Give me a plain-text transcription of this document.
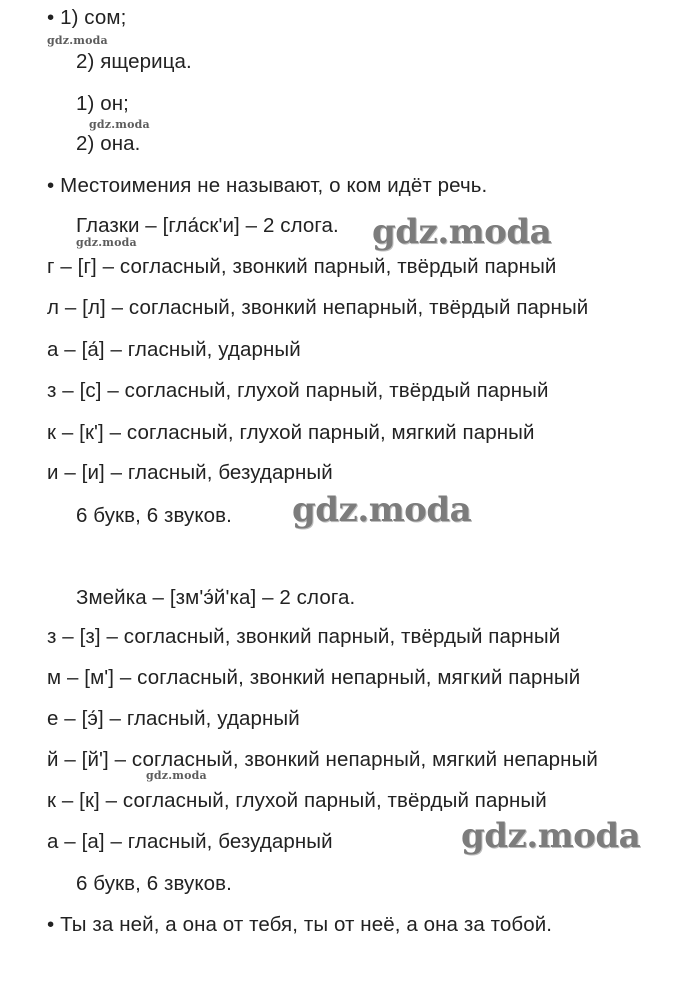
• 1) сом;
2) ящерица.
1) он;
2) она.
• Местоимения не называют, о ком идёт речь.
Глазки – [гла́ск'и] – 2 слога.
г – [г] – согласный, звонкий парный, твёрдый парный
л – [л] – согласный, звонкий непарный, твёрдый парный
а – [а́] – гласный, ударный
з – [с] – согласный, глухой парный, твёрдый парный
к – [к'] – согласный, глухой парный, мягкий парный
и – [и] – гласный, безударный
6 букв, 6 звуков.
Змейка – [зм'э́й'ка] – 2 слога.
з – [з] – согласный, звонкий парный, твёрдый парный
м – [м'] – согласный, звонкий непарный, мягкий парный
е – [э́] – гласный, ударный
й – [й'] – согласный, звонкий непарный, мягкий непарный
к – [к] – согласный, глухой парный, твёрдый парный
а – [а] – гласный, безударный
6 букв, 6 звуков.
• Ты за ней, а она от тебя, ты от неё, а она за тобой.
gdz.moda
gdz.moda
gdz.moda
gdz.moda
gdz.moda
gdz.moda
gdz.moda
